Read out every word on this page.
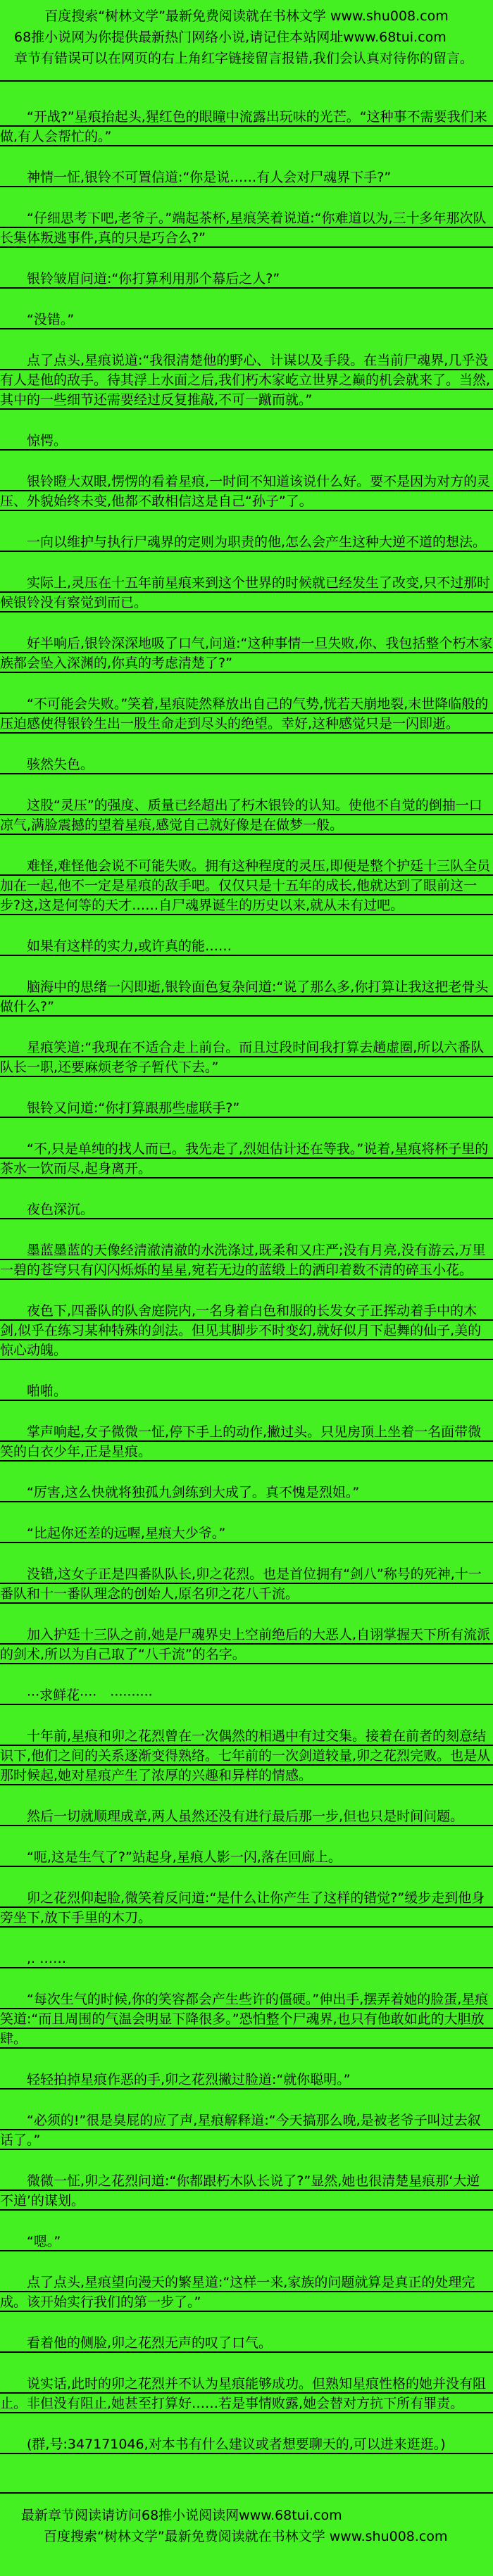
百度搜索“树林文学”最新免费阅读就在书林文学 www.shu008.com
68推小说网为你提供最新热门网络小说,请记住本站网址www.68tui.com
章节有错误可以在网页的右上角红字链接留言报错,我们会认真对待你的留言。

“开战?”星痕抬起头,猩红色的眼瞳中流露出玩味的光芒。“这种事不需要我们来做,有人会帮忙的。”

神情一怔,银铃不可置信道:“你是说……有人会对尸魂界下手?”

“仔细思考下吧,老爷子。”端起茶杯,星痕笑着说道:“你难道以为,三十多年那次队长集体叛逃事件,真的只是巧合么?”

银铃皱眉问道:“你打算利用那个幕后之人?”

“没错。”

点了点头,星痕说道:“我很清楚他的野心、计谋以及手段。在当前尸魂界,几乎没有人是他的敌手。待其浮上水面之后,我们朽木家屹立世界之巅的机会就来了。当然,其中的一些细节还需要经过反复推敲,不可一蹴而就。”

惊愕。

银铃瞪大双眼,愣愣的看着星痕,一时间不知道该说什么好。要不是因为对方的灵压、外貌始终未变,他都不敢相信这是自己“孙子”了。

一向以维护与执行尸魂界的定则为职责的他,怎么会产生这种大逆不道的想法。

实际上,灵压在十五年前星痕来到这个世界的时候就已经发生了改变,只不过那时候银铃没有察觉到而已。

好半响后,银铃深深地吸了口气,问道:“这种事情一旦失败,你、我包括整个朽木家族都会坠入深渊的,你真的考虑清楚了?”

“不可能会失败。”笑着,星痕陡然释放出自己的气势,恍若天崩地裂,末世降临般的压迫感使得银铃生出一股生命走到尽头的绝望。幸好,这种感觉只是一闪即逝。

骇然失色。

这股“灵压”的强度、质量已经超出了朽木银铃的认知。使他不自觉的倒抽一口凉气,满脸震撼的望着星痕,感觉自己就好像是在做梦一般。

难怪,难怪他会说不可能失败。拥有这种程度的灵压,即便是整个护廷十三队全员加在一起,他不一定是星痕的敌手吧。仅仅只是十五年的成长,他就达到了眼前这一步?这,这是何等的天才……自尸魂界诞生的历史以来,就从未有过吧。

如果有这样的实力,或许真的能……

脑海中的思绪一闪即逝,银铃面色复杂问道:“说了那么多,你打算让我这把老骨头做什么?”

星痕笑道:“我现在不适合走上前台。而且过段时间我打算去趟虚圈,所以六番队队长一职,还要麻烦老爷子暂代下去。”

银铃又问道:“你打算跟那些虚联手?”

“不,只是单纯的找人而已。我先走了,烈姐估计还在等我。”说着,星痕将杯子里的茶水一饮而尽,起身离开。

夜色深沉。

墨蓝墨蓝的天像经清澈清澈的水洗涤过,既柔和又庄严;没有月亮,没有游云,万里一碧的苍穹只有闪闪烁烁的星星,宛若无边的蓝缎上的洒印着数不清的碎玉小花。

夜色下,四番队的队舍庭院内,一名身着白色和服的长发女子正挥动着手中的木剑,似乎在练习某种特殊的剑法。但见其脚步不时变幻,就好似月下起舞的仙子,美的惊心动魄。

啪啪。

掌声响起,女子微微一怔,停下手上的动作,撇过头。只见房顶上坐着一名面带微笑的白衣少年,正是星痕。

“厉害,这么快就将独孤九剑练到大成了。真不愧是烈姐。”

“比起你还差的远喔,星痕大少爷。”

没错,这女子正是四番队队长,卯之花烈。也是首位拥有“剑八”称号的死神,十一番队和十一番队理念的创始人,原名卯之花八千流。

加入护廷十三队之前,她是尸魂界史上空前绝后的大恶人,自诩掌握天下所有流派的剑术,所以为自己取了“八千流”的名字。

···求鲜花····　··········

十年前,星痕和卯之花烈曾在一次偶然的相遇中有过交集。接着在前者的刻意结识下,他们之间的关系逐渐变得熟络。七年前的一次剑道较量,卯之花烈完败。也是从那时候起,她对星痕产生了浓厚的兴趣和异样的情感。

然后一切就顺理成章,两人虽然还没有进行最后那一步,但也只是时间问题。

“呃,这是生气了?”站起身,星痕人影一闪,落在回廊上。

卯之花烈仰起脸,微笑着反问道:“是什么让你产生了这样的错觉?”缓步走到他身旁坐下,放下手里的木刀。

,. ……

“每次生气的时候,你的笑容都会产生些许的僵硬。”伸出手,摆弄着她的脸蛋,星痕笑道:“而且周围的气温会明显下降很多。”恐怕整个尸魂界,也只有他敢如此的大胆放肆。

轻轻拍掉星痕作恶的手,卯之花烈撇过脸道:“就你聪明。”

“必须的!”很是臭屁的应了声,星痕解释道:“今天搞那么晚,是被老爷子叫过去叙话了。”

微微一怔,卯之花烈问道:“你都跟朽木队长说了?”显然,她也很清楚星痕那‘大逆不道’的谋划。

“嗯。”

点了点头,星痕望向漫天的繁星道:“这样一来,家族的问题就算是真正的处理完成。该开始实行我们的第一步了。”

看着他的侧脸,卯之花烈无声的叹了口气。

说实话,此时的卯之花烈并不认为星痕能够成功。但熟知星痕性格的她并没有阻止。非但没有阻止,她甚至打算好……若是事情败露,她会替对方抗下所有罪责。

(群,号:347171046,对本书有什么建议或者想要聊天的,可以进来逛逛。)

最新章节阅读请访问68推小说阅读网www.68tui.com
百度搜索“树林文学”最新免费阅读就在书林文学 www.shu008.com
